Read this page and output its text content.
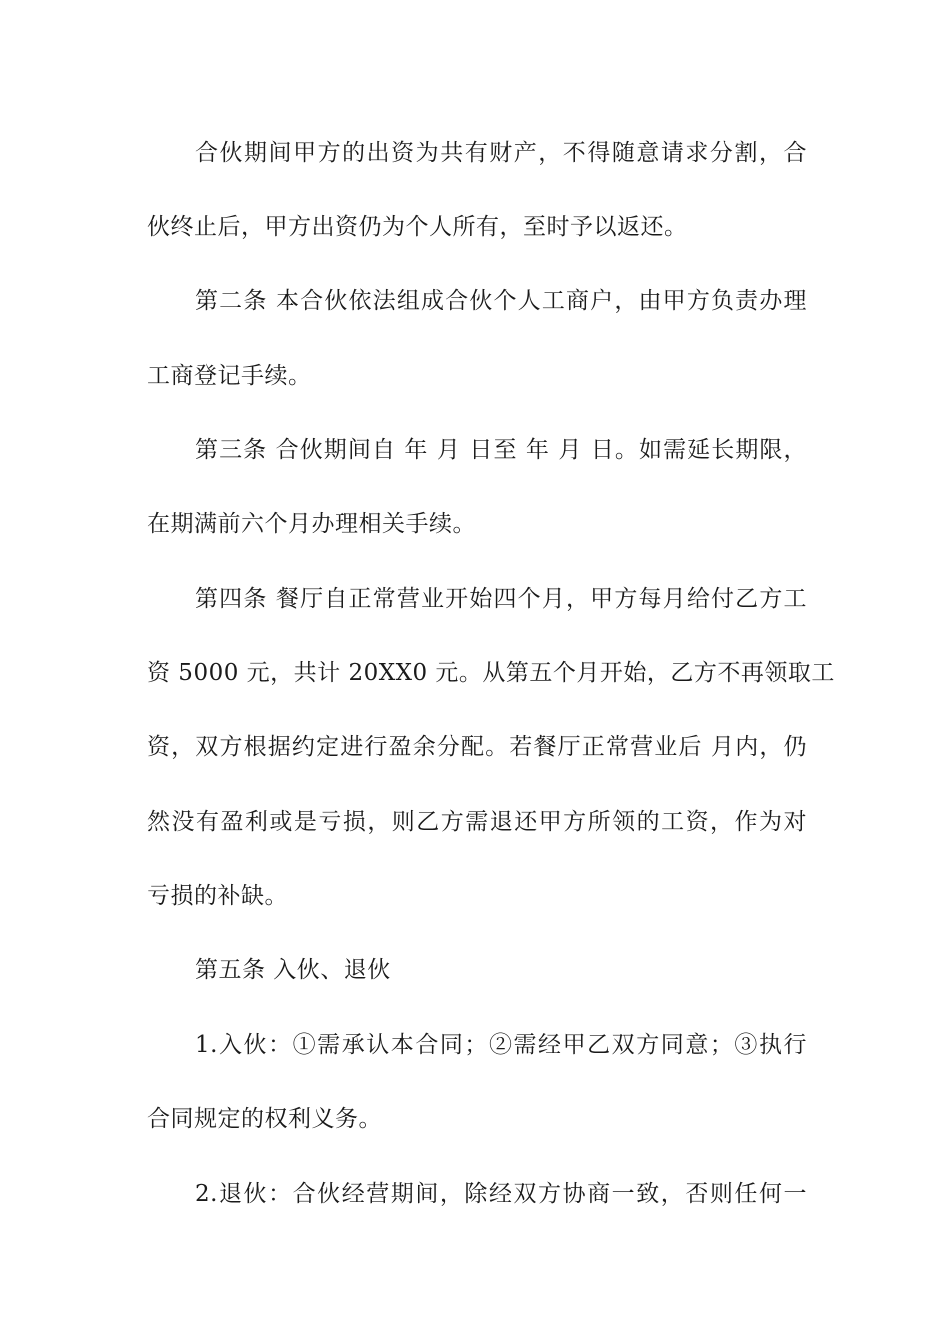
合伙期间甲方的出资为共有财产，不得随意请求分割，合
伙终止后，甲方出资仍为个人所有，至时予以返还。
第二条 本合伙依法组成合伙个人工商户，由甲方负责办理
工商登记手续。
第三条 合伙期间自 年 月 日至 年 月 日。如需延长期限，
在期满前六个月办理相关手续。
第四条 餐厅自正常营业开始四个月，甲方每月给付乙方工
资 5000 元，共计 20XX0 元。从第五个月开始，乙方不再领取工
资，双方根据约定进行盈余分配。若餐厅正常营业后 月内，仍
然没有盈利或是亏损，则乙方需退还甲方所领的工资，作为对
亏损的补缺。
第五条 入伙、退伙
1.入伙：①需承认本合同；②需经甲乙双方同意；③执行
合同规定的权利义务。
2.退伙：合伙经营期间，除经双方协商一致，否则任何一
